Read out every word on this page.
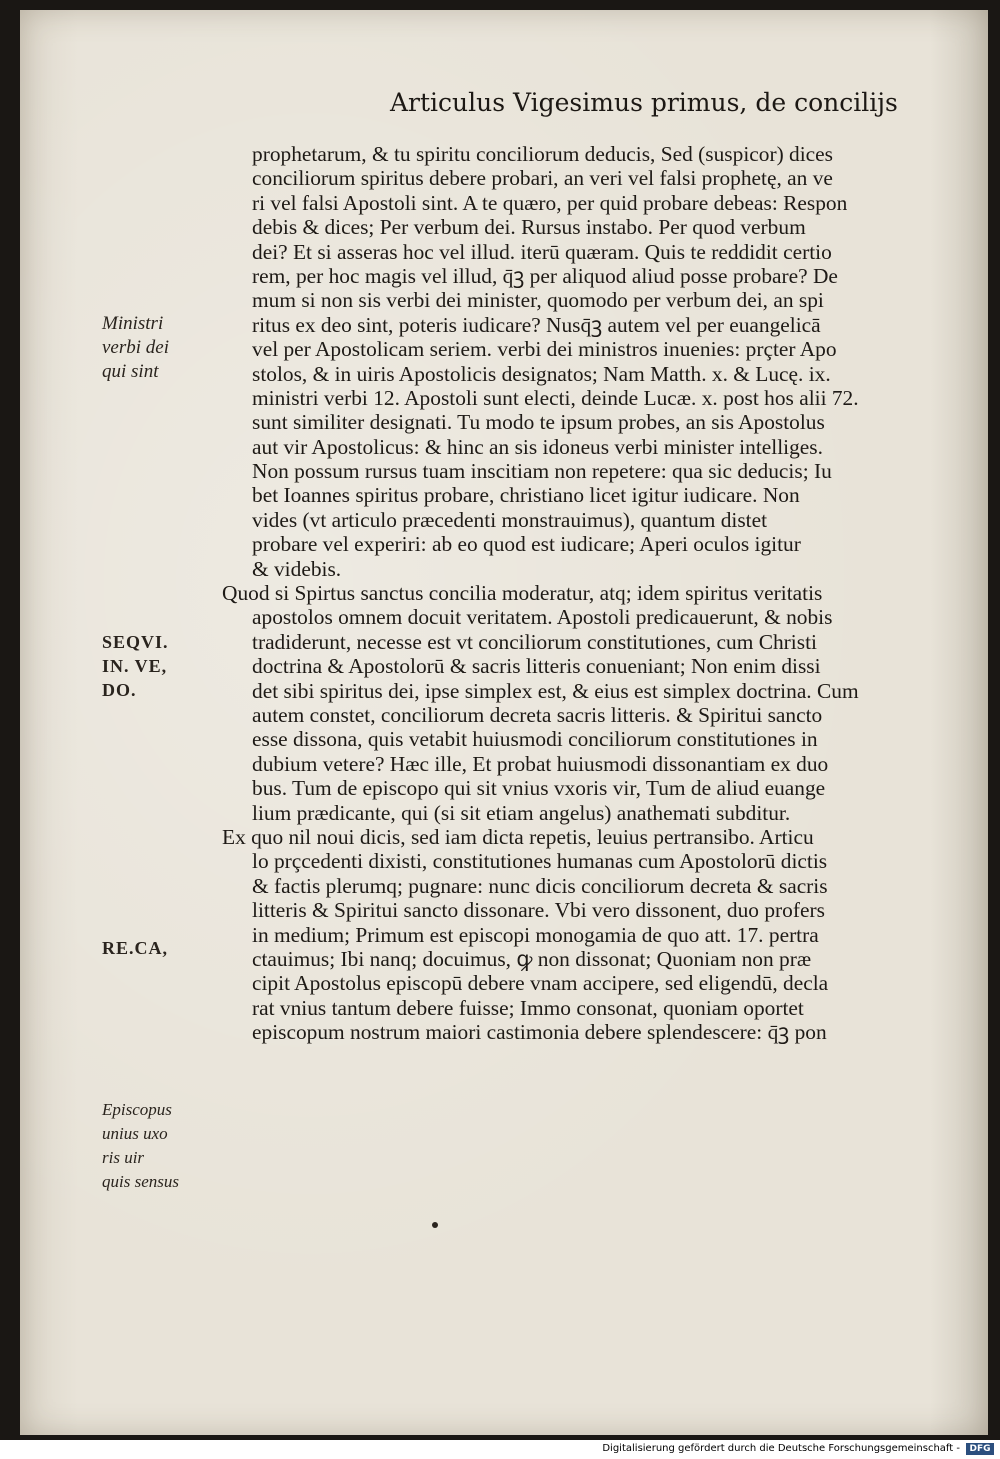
Articulus Vigesimus primus, de concilijs
Ministri
verbi dei
qui sint
SEQVI.
IN. VE,
DO.
RE.CA,
Episcopus
unius uxo
ris uir
quis sensus
prophetarum, & tu spiritu conciliorum deducis, Sed (suspicor) dices
conciliorum spiritus debere probari, an veri vel falsi prophetę, an ve
ri vel falsi Apostoli sint. A te quæro, per quid probare debeas: Respon
debis & dices; Per verbum dei. Rursus instabo. Per quod verbum
dei? Et si asseras hoc vel illud. iterū quæram. Quis te reddidit certio
rem, per hoc magis vel illud, q̄ꝫ per aliquod aliud posse probare? De
mum si non sis verbi dei minister, quomodo per verbum dei, an spi
ritus ex deo sint, poteris iudicare? Nusq̄ꝫ autem vel per euangelicā
vel per Apostolicam seriem. verbi dei ministros inuenies: prçter Apo
stolos, & in uiris Apostolicis designatos; Nam Matth. x. & Lucę. ix.
ministri verbi 12. Apostoli sunt electi, deinde Lucæ. x. post hos alii 72.
sunt similiter designati. Tu modo te ipsum probes, an sis Apostolus
aut vir Apostolicus: & hinc an sis idoneus verbi minister intelliges.
Non possum rursus tuam inscitiam non repetere: qua sic deducis; Iu
bet Ioannes spiritus probare, christiano licet igitur iudicare. Non
vides (vt articulo præcedenti monstrauimus), quantum distet
probare vel experiri: ab eo quod est iudicare; Aperi oculos igitur
& videbis.
Quod si Spirtus sanctus concilia moderatur, atq; idem spiritus veritatis
apostolos omnem docuit veritatem. Apostoli predicauerunt, & nobis
tradiderunt, necesse est vt conciliorum constitutiones, cum Christi
doctrina & Apostolorū & sacris litteris conueniant; Non enim dissi
det sibi spiritus dei, ipse simplex est, & eius est simplex doctrina. Cum
autem constet, conciliorum decreta sacris litteris. & Spiritui sancto
esse dissona, quis vetabit huiusmodi conciliorum constitutiones in
dubium vetere? Hæc ille, Et probat huiusmodi dissonantiam ex duo
bus. Tum de episcopo qui sit vnius vxoris vir, Tum de aliud euange
lium prædicante, qui (si sit etiam angelus) anathemati subditur.
Ex quo nil noui dicis, sed iam dicta repetis, leuius pertransibo. Articu
lo prçcedenti dixisti, constitutiones humanas cum Apostolorū dictis
& factis plerumq; pugnare: nunc dicis conciliorum decreta & sacris
litteris & Spiritui sancto dissonare. Vbi vero dissonent, duo profers
in medium; Primum est episcopi monogamia de quo att. 17. pertra
ctauimus; Ibi nanq; docuimus, ꝙ non dissonat; Quoniam non præ
cipit Apostolus episcopū debere vnam accipere, sed eligendū, decla
rat vnius tantum debere fuisse; Immo consonat, quoniam oportet
episcopum nostrum maiori castimonia debere splendescere: q̄ꝫ pon
Digitalisierung gefördert durch die Deutsche Forschungsgemeinschaft -	DFG
